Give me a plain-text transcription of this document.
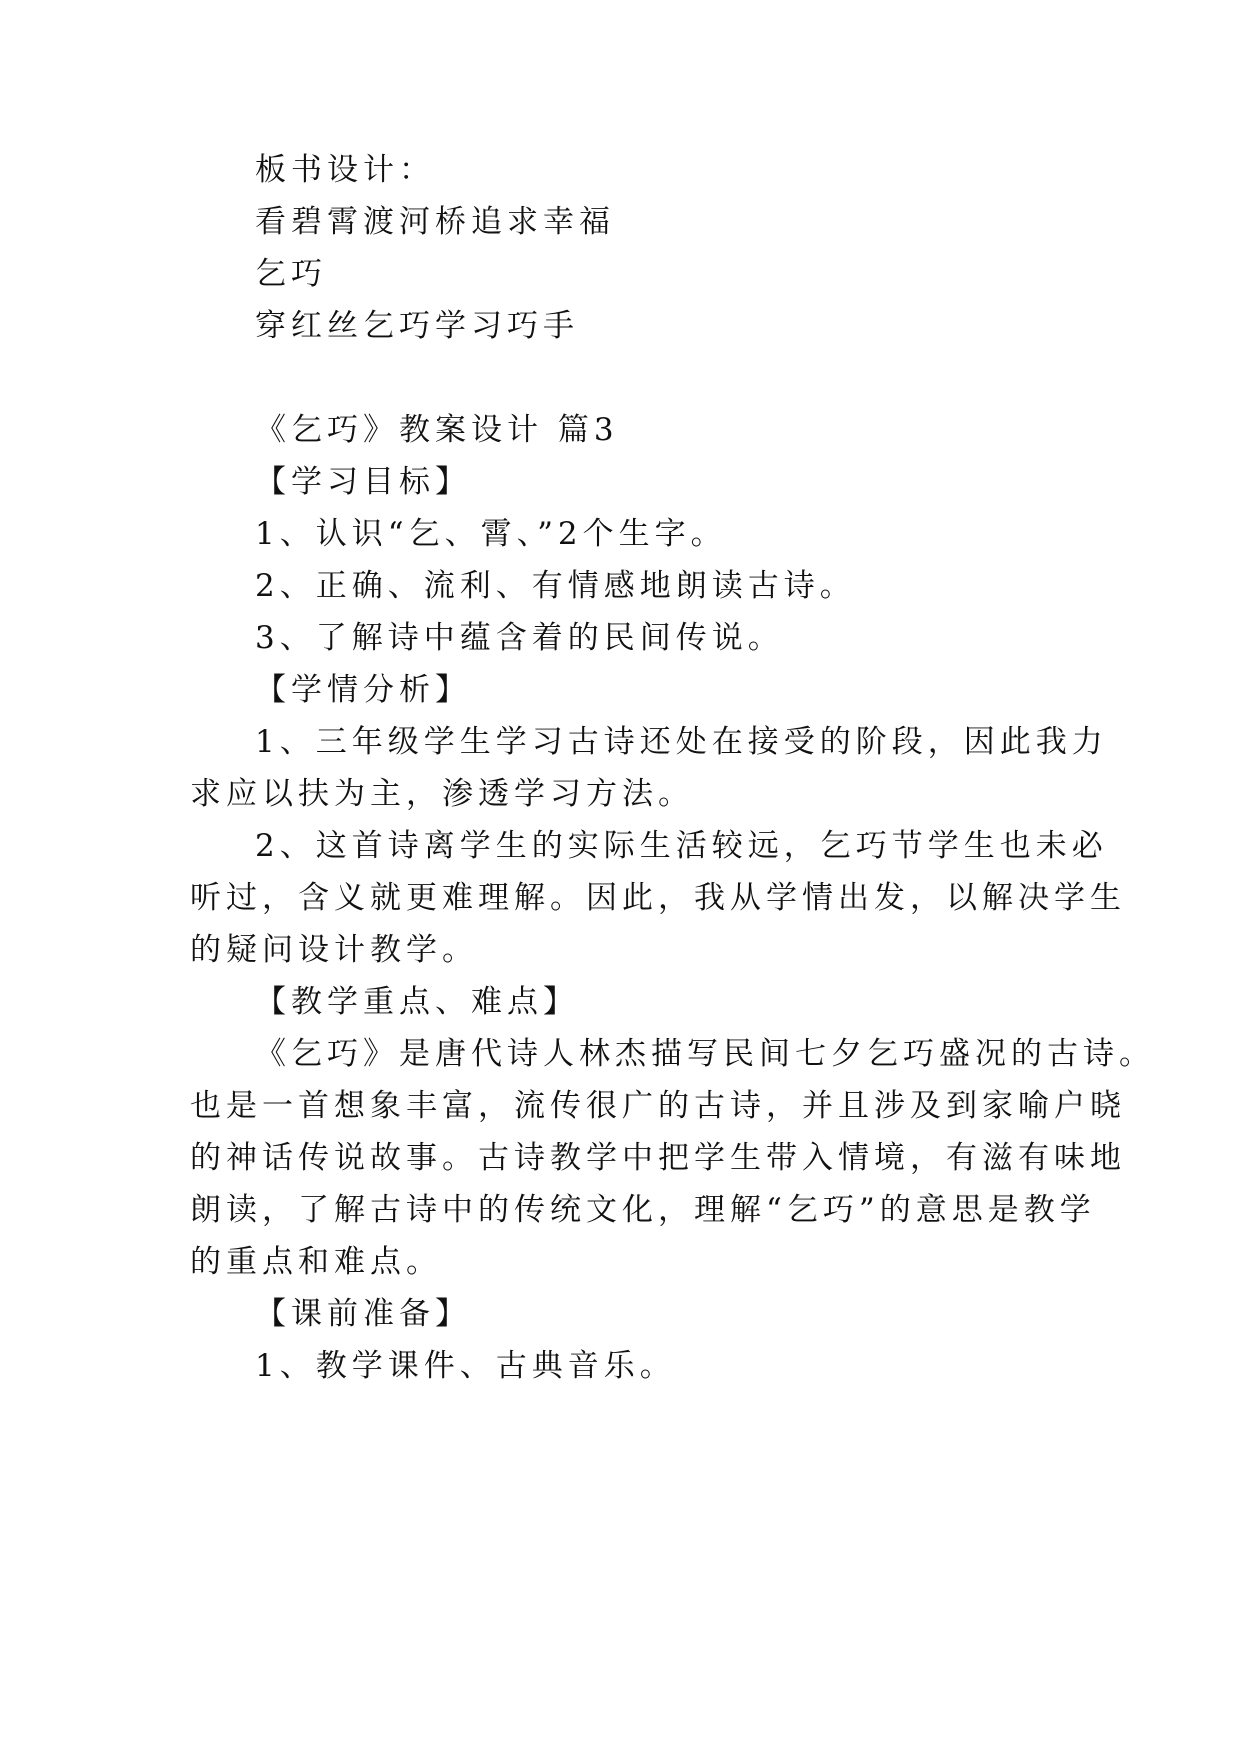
板书设计：
看碧霄渡河桥追求幸福
乞巧
穿红丝乞巧学习巧手
《乞巧》教案设计 篇3
【学习目标】
1、认识“乞、霄、”2个生字。
2、正确、流利、有情感地朗读古诗。
3、了解诗中蕴含着的民间传说。
【学情分析】
1、三年级学生学习古诗还处在接受的阶段，因此我力
求应以扶为主，渗透学习方法。
2、这首诗离学生的实际生活较远，乞巧节学生也未必
听过，含义就更难理解。因此，我从学情出发，以解决学生
的疑问设计教学。
【教学重点、难点】
《乞巧》是唐代诗人林杰描写民间七夕乞巧盛况的古诗。
也是一首想象丰富，流传很广的古诗，并且涉及到家喻户晓
的神话传说故事。古诗教学中把学生带入情境，有滋有味地
朗读，了解古诗中的传统文化，理解“乞巧”的意思是教学
的重点和难点。
【课前准备】
1、教学课件、古典音乐。
